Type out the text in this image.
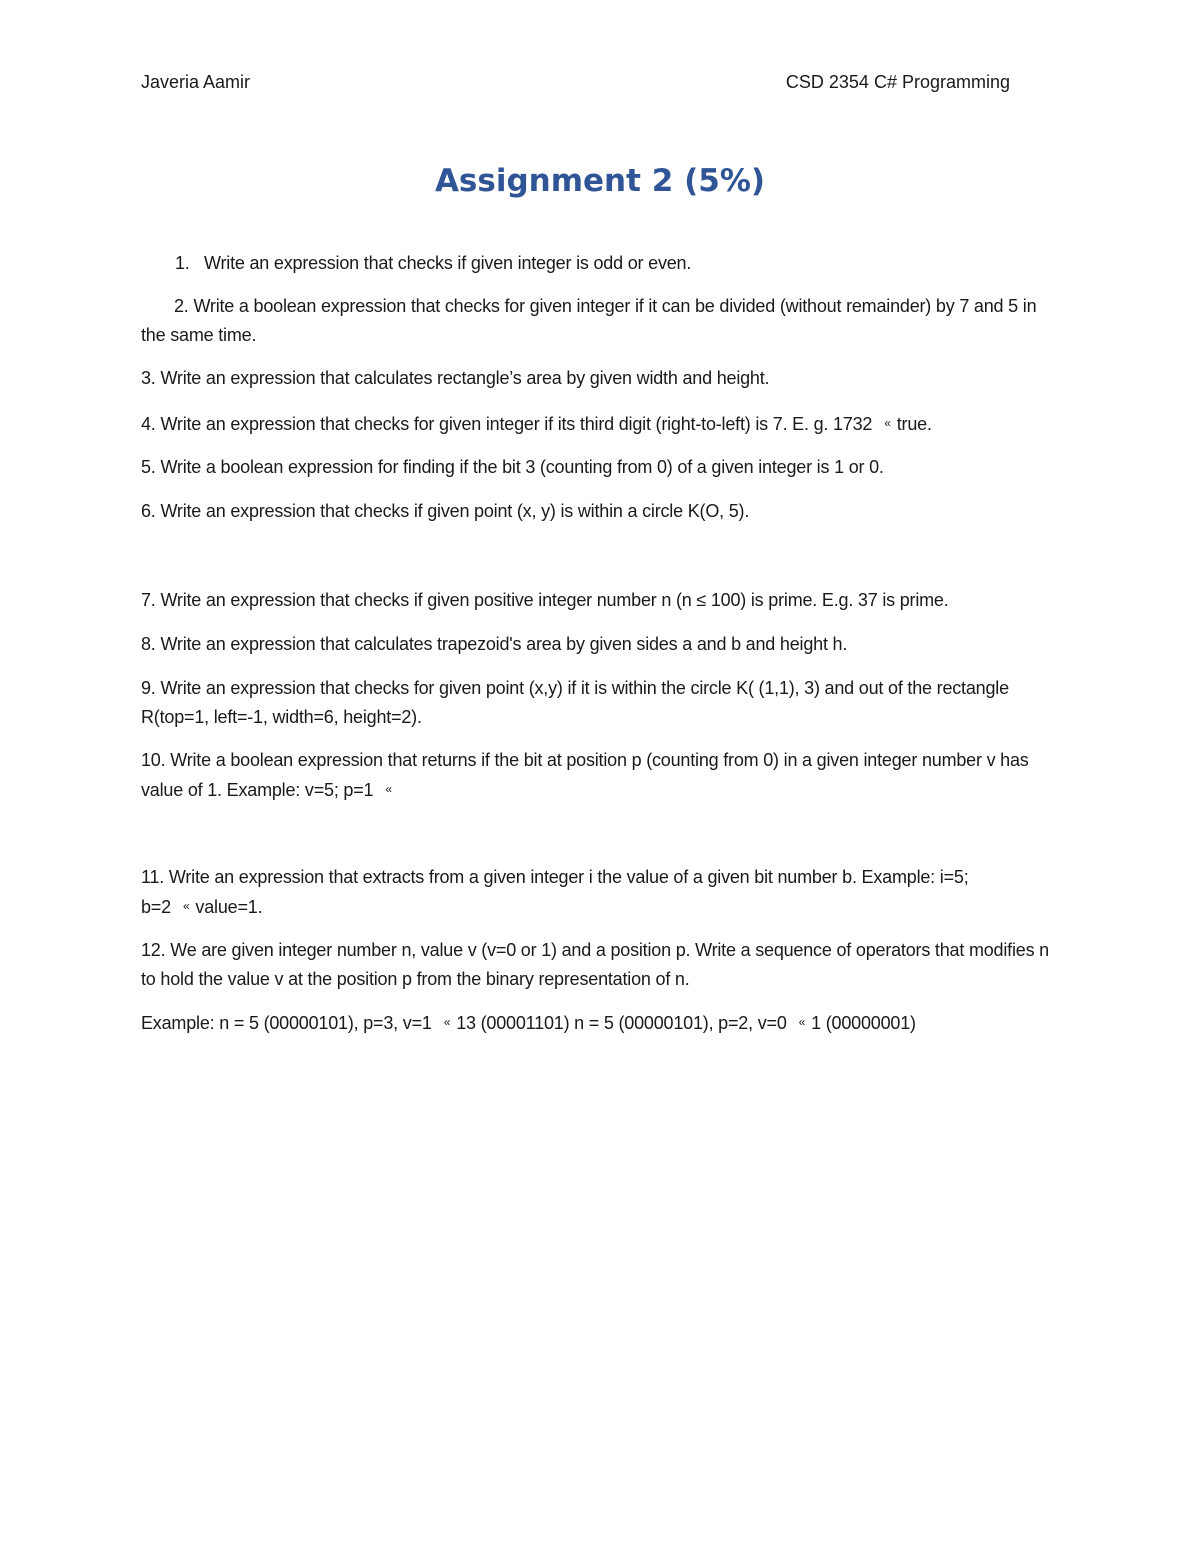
Javeria Aamir	CSD 2354 C# Programming
Assignment 2 (5%)
1. Write an expression that checks if given integer is odd or even.
2. Write a boolean expression that checks for given integer if it can be divided (without remainder) by 7 and 5 in the same time.
3. Write an expression that calculates rectangle’s area by given width and height.
4. Write an expression that checks for given integer if its third digit (right-to-left) is 7. E. g. 1732 « true.
5. Write a boolean expression for finding if the bit 3 (counting from 0) of a given integer is 1 or 0.
6. Write an expression that checks if given point (x, y) is within a circle K(O, 5).
7. Write an expression that checks if given positive integer number n (n ≤ 100) is prime. E.g. 37 is prime.
8. Write an expression that calculates trapezoid's area by given sides a and b and height h.
9. Write an expression that checks for given point (x,y) if it is within the circle K( (1,1), 3) and out of the rectangle R(top=1, left=-1, width=6, height=2).
10. Write a boolean expression that returns if the bit at position p (counting from 0) in a given integer number v has value of 1. Example: v=5; p=1 «
11. Write an expression that extracts from a given integer i the value of a given bit number b. Example: i=5; b=2 « value=1.
12. We are given integer number n, value v (v=0 or 1) and a position p. Write a sequence of operators that modifies n to hold the value v at the position p from the binary representation of n.
Example: n = 5 (00000101), p=3, v=1 « 13 (00001101) n = 5 (00000101), p=2, v=0 « 1 (00000001)
